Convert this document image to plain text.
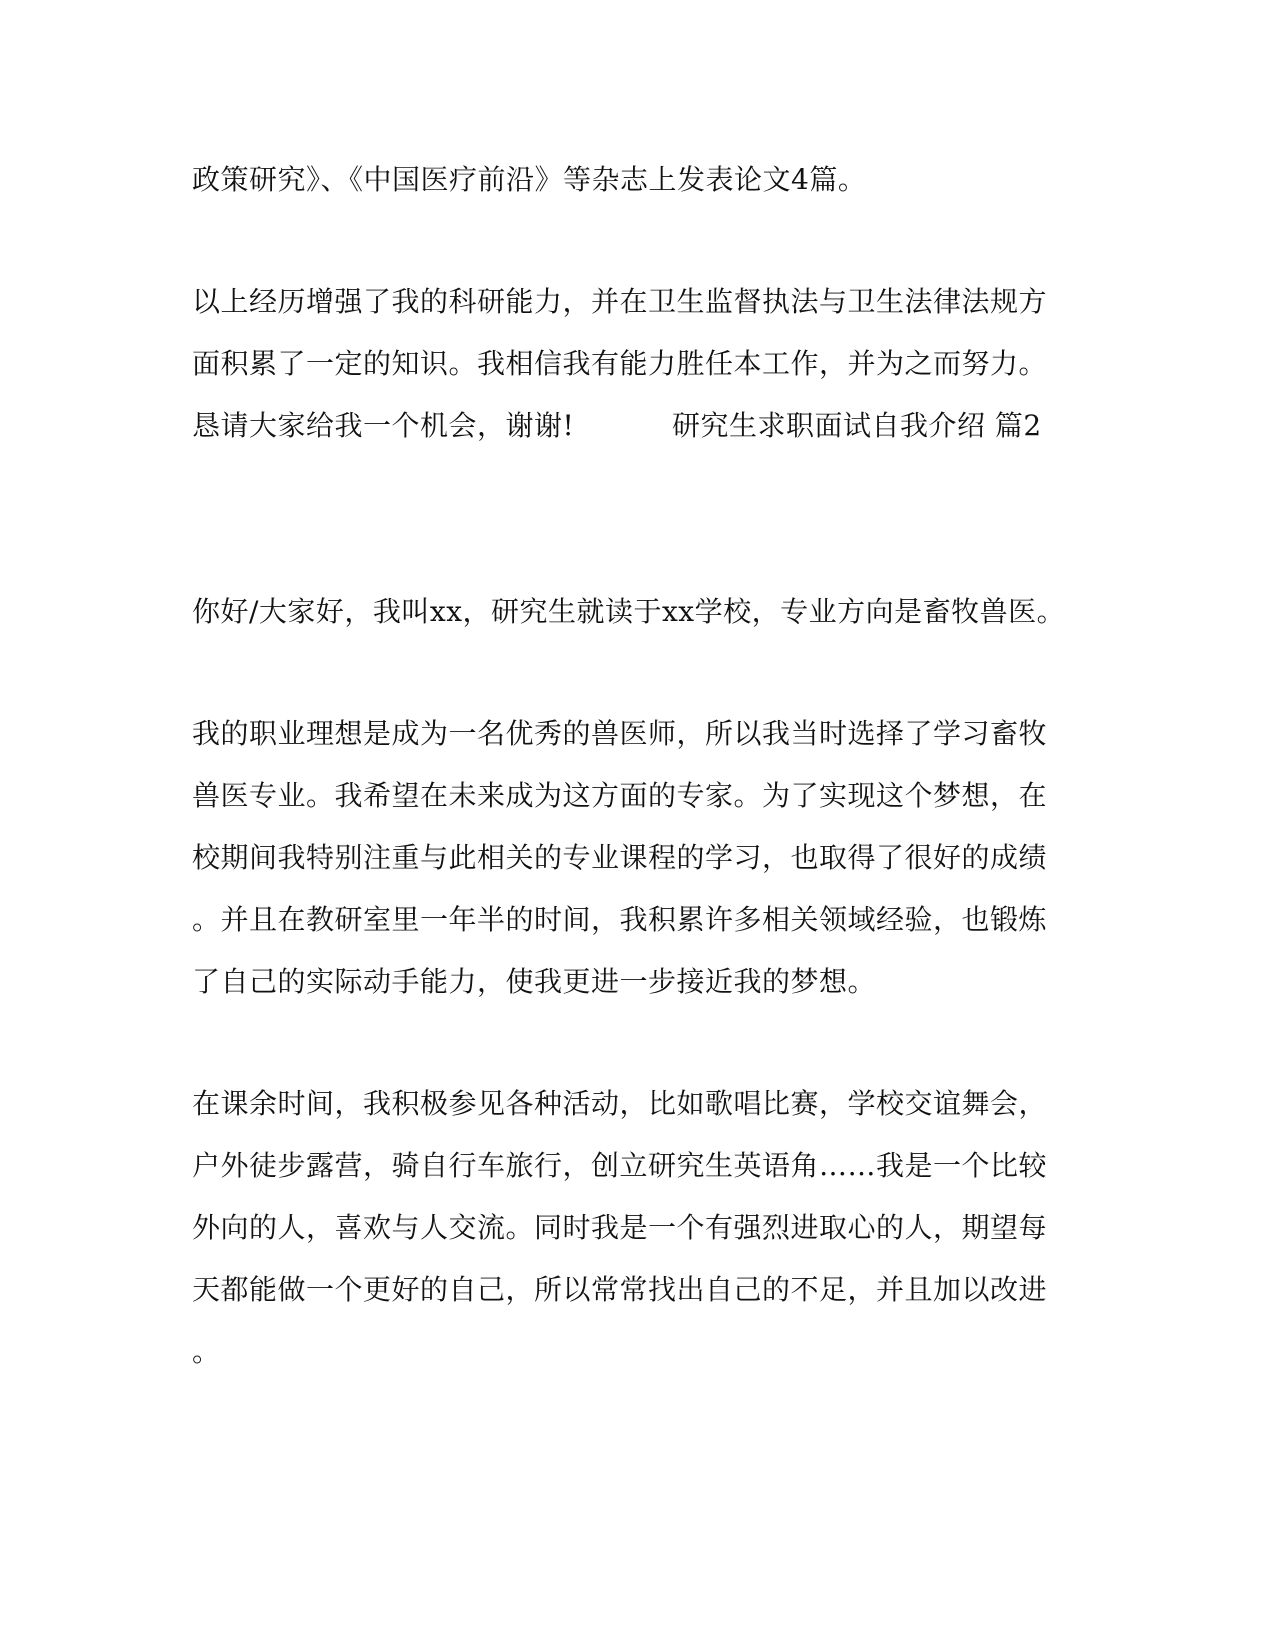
政策研究》、《中国医疗前沿》等杂志上发表论文4篇。
以上经历增强了我的科研能力，并在卫生监督执法与卫生法律法规方
面积累了一定的知识。我相信我有能力胜任本工作，并为之而努力。
恳请大家给我一个机会，谢谢!	研究生求职面试自我介绍 篇2
你好/大家好，我叫xx，研究生就读于xx学校，专业方向是畜牧兽医。
我的职业理想是成为一名优秀的兽医师，所以我当时选择了学习畜牧
兽医专业。我希望在未来成为这方面的专家。为了实现这个梦想，在
校期间我特别注重与此相关的专业课程的学习，也取得了很好的成绩
。并且在教研室里一年半的时间，我积累许多相关领域经验，也锻炼
了自己的实际动手能力，使我更进一步接近我的梦想。
在课余时间，我积极参见各种活动，比如歌唱比赛，学校交谊舞会，
户外徒步露营，骑自行车旅行，创立研究生英语角……我是一个比较
外向的人，喜欢与人交流。同时我是一个有强烈进取心的人，期望每
天都能做一个更好的自己，所以常常找出自己的不足，并且加以改进
。
